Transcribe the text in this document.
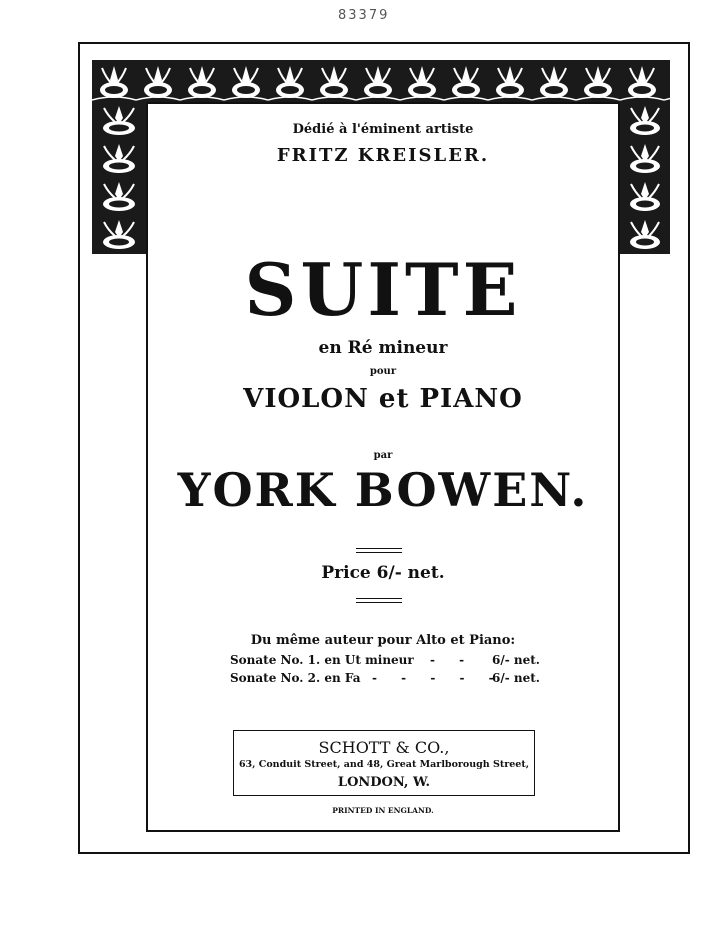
83379
Dédié à l'éminent artiste
FRITZ KREISLER.
SUITE
en Ré mineur
pour
VIOLON et PIANO
par
YORK BOWEN.
Price 6/- net.
Du même auteur pour Alto et Piano:
Sonate No. 1. en Ut mineur - - 6/- net.
Sonate No. 2. en Fa - - - - -
6/- net.
SCHOTT & CO.,
63, Conduit Street, and 48, Great Marlborough Street,
LONDON, W.
PRINTED IN ENGLAND.
